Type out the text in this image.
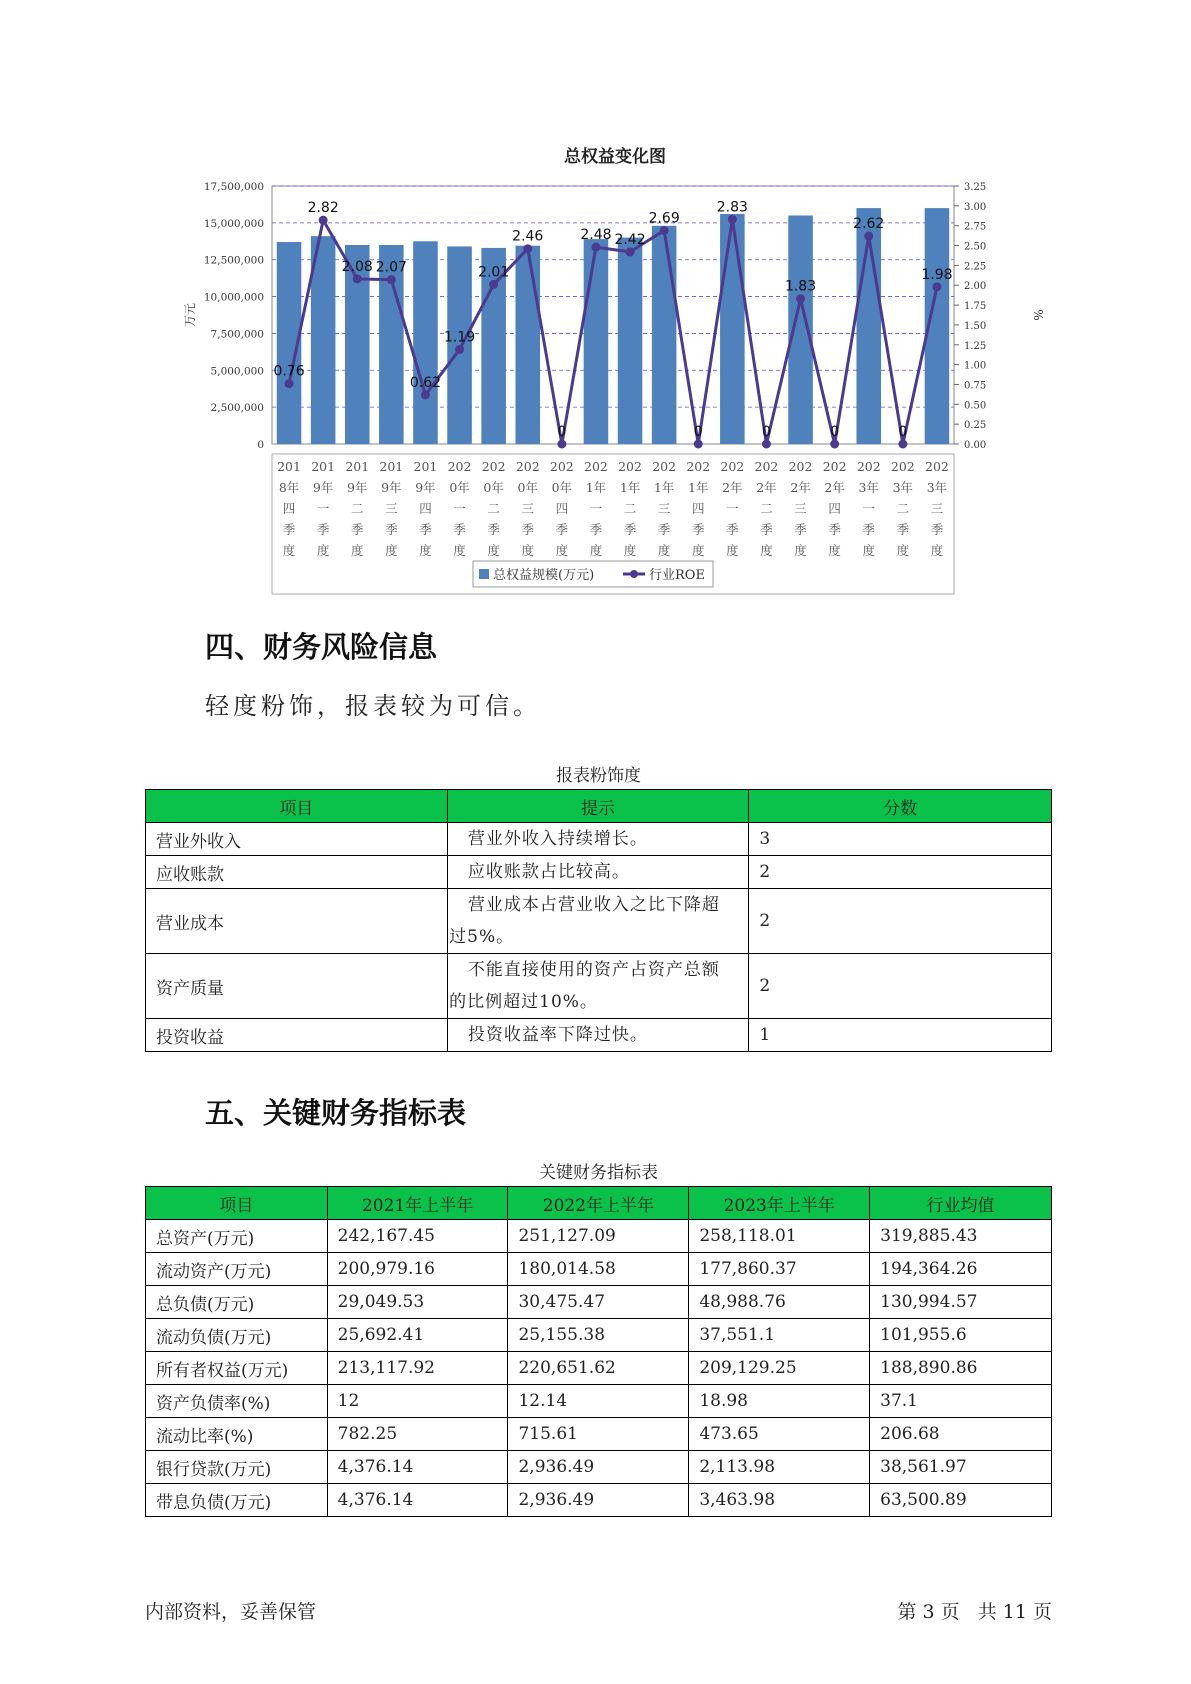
总权益变化图
0
2,500,000
5,000,000
7,500,000
10,000,000
12,500,000
15,000,000
17,500,000
0.00
0.25
0.50
0.75
1.00
1.25
1.50
1.75
2.00
2.25
2.50
2.75
3.00
3.25
万元	%
201
8年
四
季
度
201
9年
一
季
度
201
9年
二
季
度
201
9年
三
季
度
201
9年
四
季
度
202
0年
一
季
度
202
0年
二
季
度
202
0年
三
季
度
202
0年
四
季
度
202
1年
一
季
度
202
1年
二
季
度
202
1年
三
季
度
202
1年
四
季
度
202
2年
一
季
度
202
2年
二
季
度
202
2年
三
季
度
202
2年
四
季
度
202
3年
一
季
度
202
3年
二
季
度
202
3年
三
季
度
0.76
2.82
2.08 2.07
0.62
1.19
2.01
2.46
0
2.48 2.42
2.69
0
2.83
0
1.83
0
2.62
0
1.98
总权益规模(万元)	行业ROE
四、财务风险信息

轻度粉饰，报表较为可信。

报表粉饰度
项目	提示	分数
营业外收入	营业外收入持续增长。	3
应收账款	应收账款占比较高。	2
营业成本	营业成本占营业收入之比下降超
过5%。	2
资产质量	不能直接使用的资产占资产总额
的比例超过10%。	2
投资收益	投资收益率下降过快。	1
五、关键财务指标表
关键财务指标表
项目	2021年上半年	2022年上半年	2023年上半年	行业均值
总资产(万元)	242,167.45	251,127.09	258,118.01	319,885.43
流动资产(万元)	200,979.16	180,014.58	177,860.37	194,364.26
总负债(万元)	29,049.53	30,475.47	48,988.76	130,994.57
流动负债(万元)	25,692.41	25,155.38	37,551.1	101,955.6
所有者权益(万元)	213,117.92	220,651.62	209,129.25	188,890.86
资产负债率(%)	12	12.14	18.98	37.1
流动比率(%)	782.25	715.61	473.65	206.68
银行贷款(万元)	4,376.14	2,936.49	2,113.98	38,561.97
带息负债(万元)	4,376.14	2,936.49	3,463.98	63,500.89
内部资料，妥善保管	第 3 页   共 11 页
